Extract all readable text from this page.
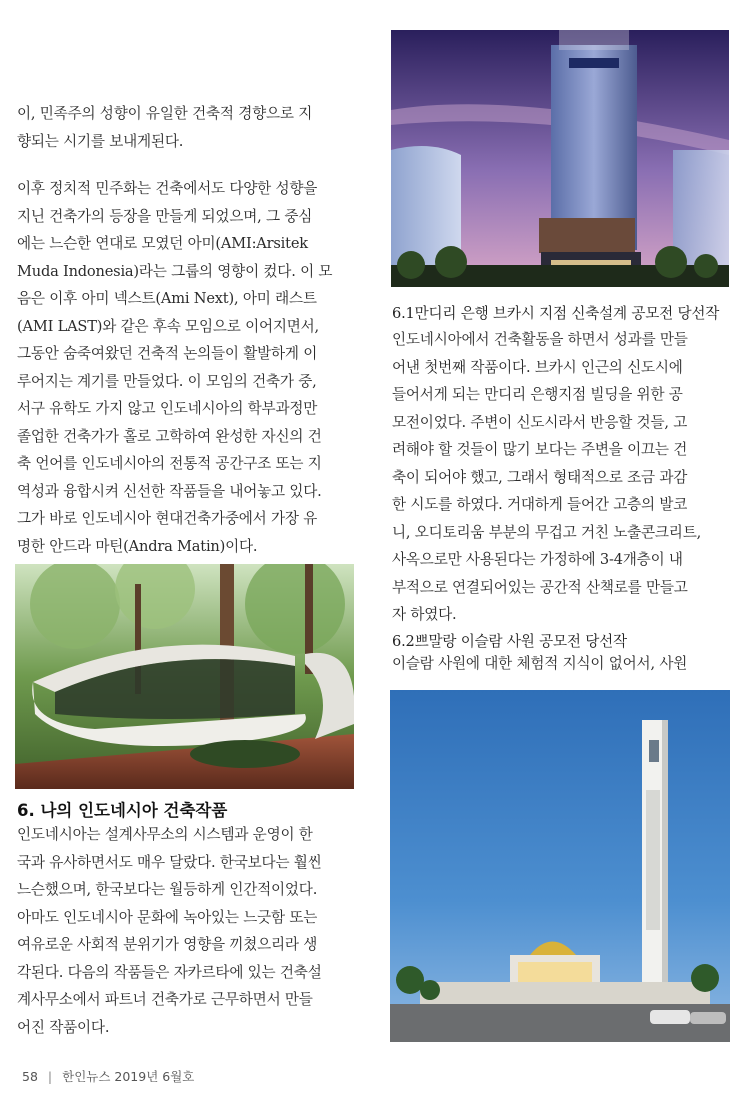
이, 민족주의 성향이 유일한 건축적 경향으로 지
향되는 시기를 보내게된다.

이후 정치적 민주화는 건축에서도 다양한 성향을
지닌 건축가의 등장을 만들게 되었으며, 그 중심
에는 느슨한 연대로 모였던 아미(AMI:Arsitek
Muda Indonesia)라는 그룹의 영향이 컸다. 이 모
음은 이후 아미 넥스트(Ami Next), 아미 래스트
(AMI LAST)와 같은 후속 모임으로 이어지면서,
그동안 숨죽여왔던 건축적 논의들이 활발하게 이
루어지는 계기를 만들었다. 이 모임의 건축가 중,
서구 유학도 가지 않고 인도네시아의 학부과정만
졸업한 건축가가 홀로 고학하여 완성한 자신의 건
축 언어를 인도네시아의 전통적 공간구조 또는 지
역성과 융합시켜 신선한 작품들을 내어놓고 있다.
그가 바로 인도네시아 현대건축가중에서 가장 유
명한 안드라 마틴(Andra Matin)이다.

6. 나의 인도네시아 건축작품

인도네시아는 설계사무소의 시스템과 운영이 한
국과 유사하면서도 매우 달랐다. 한국보다는 훨씬
느슨했으며, 한국보다는 월등하게 인간적이었다.
아마도 인도네시아 문화에 녹아있는 느긋함 또는
여유로운 사회적 분위기가 영향을 끼쳤으리라 생
각된다. 다음의 작품들은 자카르타에 있는 건축설
계사무소에서 파트너 건축가로 근무하면서 만들
어진 작품이다.

6.1만디리 은행 브카시 지점 신축설계 공모전 당선작

인도네시아에서 건축활동을 하면서 성과를 만들
어낸 첫번째 작품이다. 브카시 인근의 신도시에
들어서게 되는 만디리 은행지점 빌딩을 위한 공
모전이었다. 주변이 신도시라서 반응할 것들, 고
려해야 할 것들이 많기 보다는 주변을 이끄는 건
축이 되어야 했고, 그래서 형태적으로 조금 과감
한 시도를 하였다. 거대하게 들어간 고층의 발코
니, 오디토리움 부분의 무겁고 거친 노출콘크리트,
사옥으로만 사용된다는 가정하에 3-4개층이 내
부적으로 연결되어있는 공간적 산책로를 만들고
자 하였다.

6.2쁘말랑 이슬람 사원 공모전 당선작

이슬람 사원에 대한 체험적 지식이 없어서, 사원

58 | 한인뉴스 2019년 6월호
